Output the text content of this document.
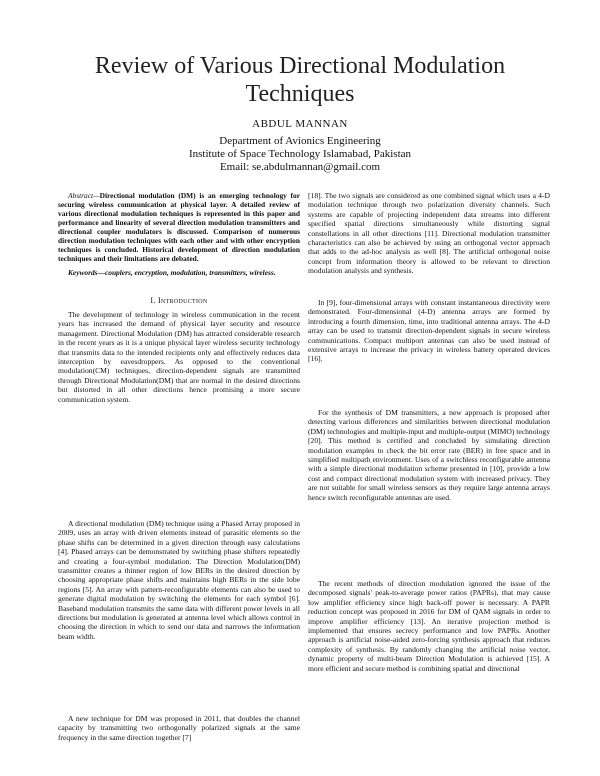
Review of Various Directional Modulation Techniques
ABDUL MANNAN
Department of Avionics Engineering
Institute of Space Technology Islamabad, Pakistan
Email: se.abdulmannan@gmail.com

Abstract—Directional modulation (DM) is an emerging technology for securing wireless communication at physical layer. A detailed review of various directional modulation techniques is represented in this paper and performance and linearity of several direction modulation transmitters and directional coupler modulators is discussed. Comparison of numerous direction modulation techniques with each other and with other encryption techniques is concluded. Historical development of direction modulation techniques and their limitations are debated.

Keywords—couplers, encryption, modulation, transmitters, wireless.
I. Introduction
The development of technology in wireless communication in the recent years has increased the demand of physical layer security and resource management. Directional Modulation (DM) has attracted considerable research in the recent years as it is a unique physical layer wireless security technology that transmits data to the intended recipients only and effectively reduces data interception by eavesdroppers. As opposed to the conventional modulation(CM) techniques, direction-dependent signals are transmitted through Directional Modulation(DM) that are normal in the desired directions but distorted in all other directions hence promising a more secure communication system.
A directional modulation (DM) technique using a Phased Array proposed in 2009, uses an array with driven elements instead of parasitic elements so the phase shifts can be determined in a given direction through easy calculations [4]. Phased arrays can be demonstrated by switching phase shifters repeatedly and creating a four-symbol modulation. The Direction Modulation(DM) transmitter creates a thinner region of low BERs in the desired direction by choosing appropriate phase shifts and maintains high BERs in the side lobe regions [5]. An array with pattern-reconfigurable elements can also be used to generate digital modulation by switching the elements for each symbol [6]. Baseband modulation transmits the same data with different power levels in all directions but modulation is generated at antenna level which allows control in choosing the direction in which to send our data and narrows the information beam width.
A new technique for DM was proposed in 2011, that doubles the channel capacity by transmitting two orthogonally polarized signals at the same frequency in the same direction together [7]
[18]. The two signals are considered as one combined signal which uses a 4-D modulation technique through two polarization diversity channels. Such systems are capable of projecting independent data streams into different specified spatial directions simultaneously while distorting signal constellations in all other directions [11]. Directional modulation transmitter characteristics can also be achieved by using an orthogonal vector approach that adds to the ad-hoc analysis as well [8]. The artificial orthogonal noise concept from information theory is allowed to be relevant to direction modulation analysis and synthesis.
In [9], four-dimensional arrays with constant instantaneous directivity were demonstrated. Four-dimensional (4-D) antenna arrays are formed by introducing a fourth dimension, time, into traditional antenna arrays. The 4-D array can be used to transmit direction-dependent signals in secure wireless communications. Compact multiport antennas can also be used instead of extensive arrays to increase the privacy in wireless battery operated devices [16].
For the synthesis of DM transmitters, a new approach is proposed after detecting various differences and similarities between directional modulation (DM) technologies and multiple-input and multiple-output (MIMO) technology [20]. This method is certified and concluded by simulating direction modulation examples to check the bit error rate (BER) in free space and in simplified multipath environment. Uses of a switchless reconfigurable antenna with a simple directional modulation scheme presented in [10], provide a low cost and compact directional modulation system with increased privacy. They are not suitable for small wireless sensors as they require large antenna arrays hence switch reconfigurable antennas are used.
The recent methods of direction modulation ignored the issue of the decomposed signals' peak-to-average power ratios (PAPRs), that may cause low amplifier efficiency since high back-off power is necessary. A PAPR reduction concept was proposed in 2016 for DM of QAM signals in order to improve amplifier efficiency [13]. An iterative projection method is implemented that ensures secrecy performance and low PAPRs. Another approach is artificial noise-aided zero-forcing synthesis approach that reduces complexity of synthesis. By randomly changing the artificial noise vector, dynamic property of multi-beam Direction Modulation is achieved [15]. A more efficient and secure method is combining spatial and directional
